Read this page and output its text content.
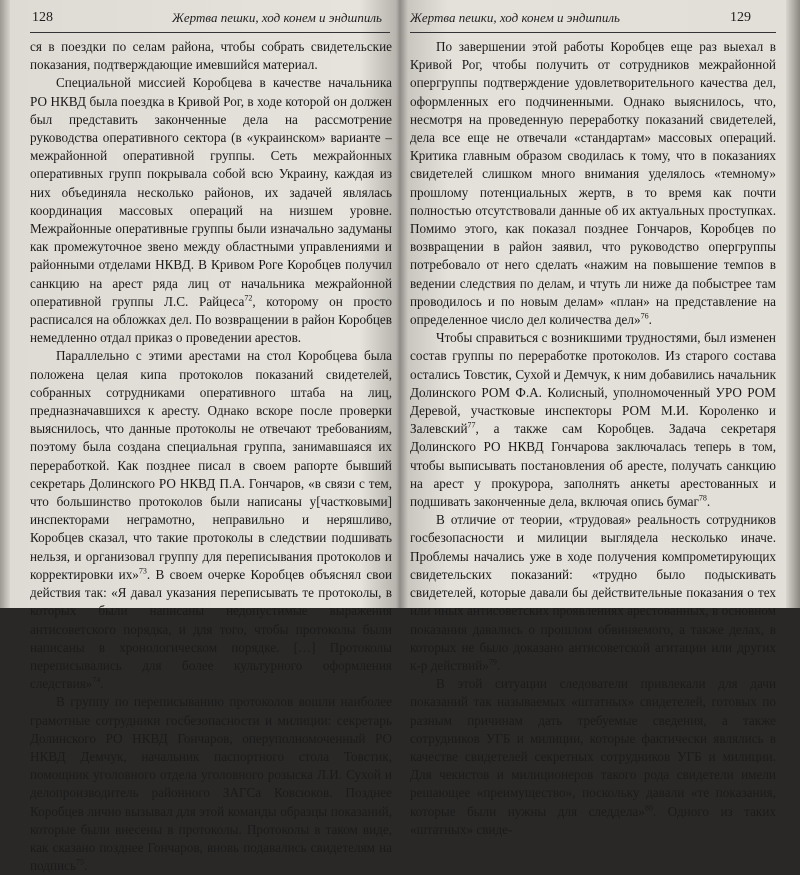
128	Жертва пешки, ход конем и эндшпиль

ся в поездки по селам района, чтобы собрать свидетельские показания, подтверждающие имевшийся материал.

Специальной миссией Коробцева в качестве начальника РО НКВД была поездка в Кривой Рог, в ходе которой он должен был представить законченные дела на рассмотрение руководства оперативного сектора (в «украинском» варианте – межрайонной оперативной группы. Сеть межрайонных оперативных групп покрывала собой всю Украину, каждая из них объединяла несколько районов, их задачей являлась координация массовых операций на низшем уровне. Межрайонные оперативные группы были изначально задуманы как промежуточное звено между областными управлениями и районными отделами НКВД. В Кривом Роге Коробцев получил санкцию на арест ряда лиц от начальника межрайонной оперативной группы Л.С. Райцеса$^{72}$, которому он просто расписался на обложках дел. По возвращении в район Коробцев немедленно отдал приказ о проведении арестов.

Параллельно с этими арестами на стол Коробцева была положена целая кипа протоколов показаний свидетелей, собранных сотрудниками оперативного штаба на лиц, предназначавшихся к аресту. Однако вскоре после проверки выяснилось, что данные протоколы не отвечают требованиям, поэтому была создана специальная группа, занимавшаяся их переработкой. Как позднее писал в своем рапорте бывший секретарь Долинского РО НКВД П.А. Гончаров, «в связи с тем, что большинство протоколов были написаны у[частковыми] инспекторами неграмотно, неправильно и неряшливо, Коробцев сказал, что такие протоколы в следствии подшивать нельзя, и организовал группу для переписывания протоколов и корректировки их»$^{73}$. В своем очерке Коробцев объяснял свои действия так: «Я давал указания переписывать те протоколы, в которых были написаны недопустимые выражения антисоветского порядка, и для того, чтобы протоколы были написаны в хронологическом порядке. […] Протоколы переписывались для более культурного оформления следствия»$^{74}$.

В группу по переписыванию протоколов вошли наиболее грамотные сотрудники госбезопасности и милиции: секретарь Долинского РО НКВД Гончаров, оперуполномоченный РО НКВД Демчук, начальник паспортного стола Товстик, помощник уголовного отдела уголовного розыска Л.И. Сухой и делопроизводитель районного ЗАГСа Ковсюков. Позднее Коробцев лично вызывал для этой команды образцы показаний, которые были внесены в протоколы. Протоколы в таком виде, как сказано позднее Гончаров, вновь подавались свидетелям на подпись$^{75}$.

Жертва пешки, ход конем и эндшпиль	129

По завершении этой работы Коробцев еще раз выехал в Кривой Рог, чтобы получить от сотрудников межрайонной опергруппы подтверждение удовлетворительного качества дел, оформленных его подчиненными. Однако выяснилось, что, несмотря на проведенную переработку показаний свидетелей, дела все еще не отвечали «стандартам» массовых операций. Критика главным образом сводилась к тому, что в показаниях свидетелей слишком много внимания уделялось «темному» прошлому потенциальных жертв, в то время как почти полностью отсутствовали данные об их актуальных проступках. Помимо этого, как показал позднее Гончаров, Коробцев по возвращении в район заявил, что руководство опергруппы потребовало от него сделать «нажим на повышение темпов в ведении следствия по делам, и чтуть ли ниже да побыстрее там проводилось и по новым делам» «план» на представление на определенное число дел количества дел»$^{76}$.

Чтобы справиться с возникшими трудностями, был изменен состав группы по переработке протоколов. Из старого состава остались Товстик, Сухой и Демчук, к ним добавились начальник Долинского РОМ Ф.А. Колисный, уполномоченный УРО РОМ Деревой, участковые инспекторы РОМ М.И. Короленко и Залевский$^{77}$, а также сам Коробцев. Задача секретаря Долинского РО НКВД Гончарова заключалась теперь в том, чтобы выписывать постановления об аресте, получать санкцию на арест у прокурора, заполнять анкеты арестованных и подшивать законченные дела, включая опись бумаг$^{78}$.

В отличие от теории, «трудовая» реальность сотрудников госбезопасности и милиции выглядела несколько иначе. Проблемы начались уже в ходе получения компрометирующих свидетельских показаний: «трудно было подыскивать свидетелей, которые давали бы действительные показания о тех или иных антисоветских проявлениях арестованных, в основном показания давались о прошлом обвиняемого, а также делах, в которых не было доказано антисоветской агитации или других к-р действий»$^{79}$.

В этой ситуации следователи привлекали для дачи показаний так называемых «штатных» свидетелей, готовых по разным причинам дать требуемые сведения, а также сотрудников УГБ и милиции, которые фактически являлись в качестве свидетелей секретных сотрудников УГБ и милиции. Для чекистов и милиционеров такого рода свидетели имели решающее «преимущество», поскольку давали «те показания, которые были нужны для следдела»$^{80}$. Одного из таких «штатных» свиде-
